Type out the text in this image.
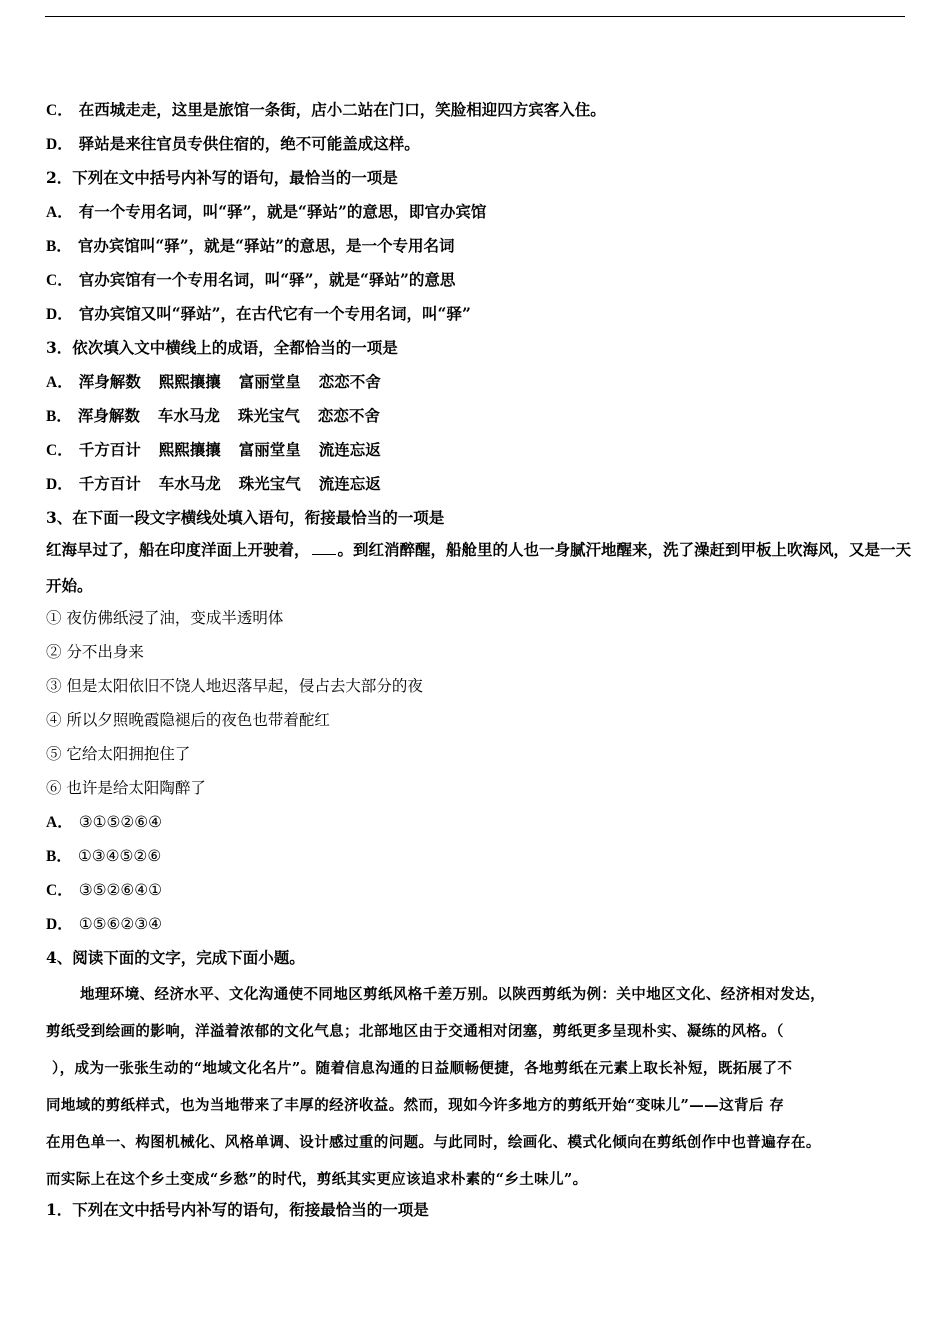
C． 在西城走走，这里是旅馆一条街，店小二站在门口，笑脸相迎四方宾客入住。
D． 驿站是来往官员专供住宿的，绝不可能盖成这样。
2．下列在文中括号内补写的语句，最恰当的一项是
A． 有一个专用名词，叫“驿”，就是“驿站”的意思，即官办宾馆
B． 官办宾馆叫“驿”，就是“驿站”的意思，是一个专用名词
C． 官办宾馆有一个专用名词，叫“驿”，就是“驿站”的意思
D． 官办宾馆又叫“驿站”，在古代它有一个专用名词，叫“驿”
3．依次填入文中横线上的成语，全都恰当的一项是
A． 浑身解数 熙熙攘攘 富丽堂皇 恋恋不舍
B． 浑身解数 车水马龙 珠光宝气 恋恋不舍
C． 千方百计 熙熙攘攘 富丽堂皇 流连忘返
D． 千方百计 车水马龙 珠光宝气 流连忘返
3、在下面一段文字横线处填入语句，衔接最恰当的一项是
红海早过了，船在印度洋面上开驶着， 。到红消醉醒，船舱里的人也一身腻汗地醒来，洗了澡赶到甲板上吹海风，又是一天开始。
① 夜仿佛纸浸了油，变成半透明体
② 分不出身来
③ 但是太阳依旧不饶人地迟落早起，侵占去大部分的夜
④ 所以夕照晚霞隐褪后的夜色也带着酡红
⑤ 它给太阳拥抱住了
⑥ 也许是给太阳陶醉了
A． ③①⑤②⑥④
B． ①③④⑤②⑥
C． ③⑤②⑥④①
D． ①⑤⑥②③④
4、阅读下面的文字，完成下面小题。
地理环境、经济水平、文化沟通使不同地区剪纸风格千差万别。以陕西剪纸为例：关中地区文化、经济相对发达，
剪纸受到绘画的影响，洋溢着浓郁的文化气息；北部地区由于交通相对闭塞，剪纸更多呈现朴实、凝练的风格。（
），成为一张张生动的“地域文化名片”。随着信息沟通的日益顺畅便捷，各地剪纸在元素上取长补短，既拓展了不
同地域的剪纸样式，也为当地带来了丰厚的经济收益。然而，现如今许多地方的剪纸开始“变味儿”——这背后 存
在用色单一、构图机械化、风格单调、设计感过重的问题。与此同时，绘画化、模式化倾向在剪纸创作中也普遍存在。
而实际上在这个乡土变成“乡愁”的时代，剪纸其实更应该追求朴素的“乡土味儿”。
1．下列在文中括号内补写的语句，衔接最恰当的一项是
